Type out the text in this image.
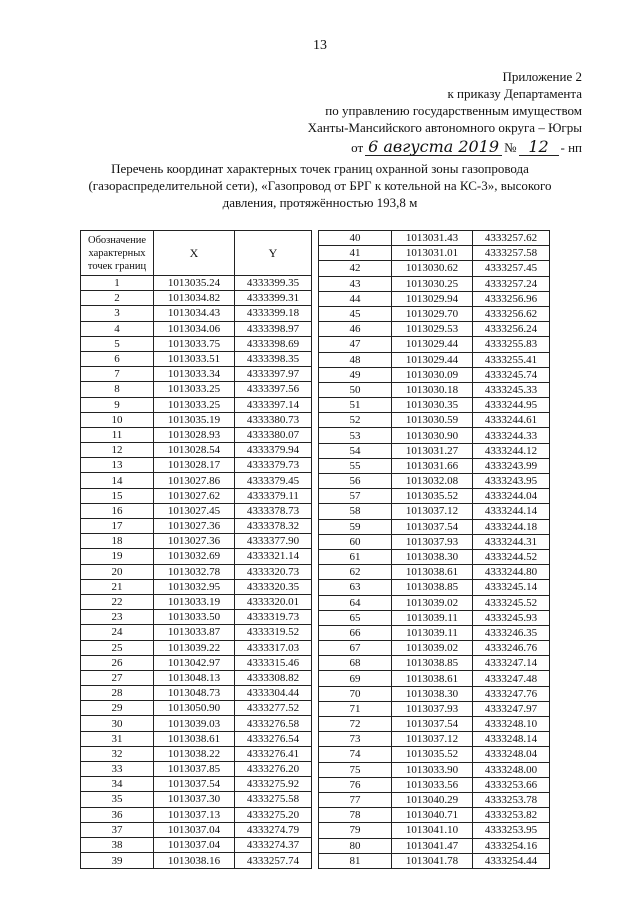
13
Приложение 2
к приказу Департамента
по управлению государственным имуществом
Ханты-Мансийского автономного округа – Югры
от 6 августа 2019 № 12 - нп
Перечень координат характерных точек границ охранной зоны газопровода (газораспределительной сети), «Газопровод от БРГ к котельной на КС-3», высокого давления, протяжённостью 193,8 м
Обозначение характерных точек границ	X	Y
1	1013035.24	4333399.35
2	1013034.82	4333399.31
3	1013034.43	4333399.18
4	1013034.06	4333398.97
5	1013033.75	4333398.69
6	1013033.51	4333398.35
7	1013033.34	4333397.97
8	1013033.25	4333397.56
9	1013033.25	4333397.14
10	1013035.19	4333380.73
11	1013028.93	4333380.07
12	1013028.54	4333379.94
13	1013028.17	4333379.73
14	1013027.86	4333379.45
15	1013027.62	4333379.11
16	1013027.45	4333378.73
17	1013027.36	4333378.32
18	1013027.36	4333377.90
19	1013032.69	4333321.14
20	1013032.78	4333320.73
21	1013032.95	4333320.35
22	1013033.19	4333320.01
23	1013033.50	4333319.73
24	1013033.87	4333319.52
25	1013039.22	4333317.03
26	1013042.97	4333315.46
27	1013048.13	4333308.82
28	1013048.73	4333304.44
29	1013050.90	4333277.52
30	1013039.03	4333276.58
31	1013038.61	4333276.54
32	1013038.22	4333276.41
33	1013037.85	4333276.20
34	1013037.54	4333275.92
35	1013037.30	4333275.58
36	1013037.13	4333275.20
37	1013037.04	4333274.79
38	1013037.04	4333274.37
39	1013038.16	4333257.74
40	1013031.43	4333257.62
41	1013031.01	4333257.58
42	1013030.62	4333257.45
43	1013030.25	4333257.24
44	1013029.94	4333256.96
45	1013029.70	4333256.62
46	1013029.53	4333256.24
47	1013029.44	4333255.83
48	1013029.44	4333255.41
49	1013030.09	4333245.74
50	1013030.18	4333245.33
51	1013030.35	4333244.95
52	1013030.59	4333244.61
53	1013030.90	4333244.33
54	1013031.27	4333244.12
55	1013031.66	4333243.99
56	1013032.08	4333243.95
57	1013035.52	4333244.04
58	1013037.12	4333244.14
59	1013037.54	4333244.18
60	1013037.93	4333244.31
61	1013038.30	4333244.52
62	1013038.61	4333244.80
63	1013038.85	4333245.14
64	1013039.02	4333245.52
65	1013039.11	4333245.93
66	1013039.11	4333246.35
67	1013039.02	4333246.76
68	1013038.85	4333247.14
69	1013038.61	4333247.48
70	1013038.30	4333247.76
71	1013037.93	4333247.97
72	1013037.54	4333248.10
73	1013037.12	4333248.14
74	1013035.52	4333248.04
75	1013033.90	4333248.00
76	1013033.56	4333253.66
77	1013040.29	4333253.78
78	1013040.71	4333253.82
79	1013041.10	4333253.95
80	1013041.47	4333254.16
81	1013041.78	4333254.44
